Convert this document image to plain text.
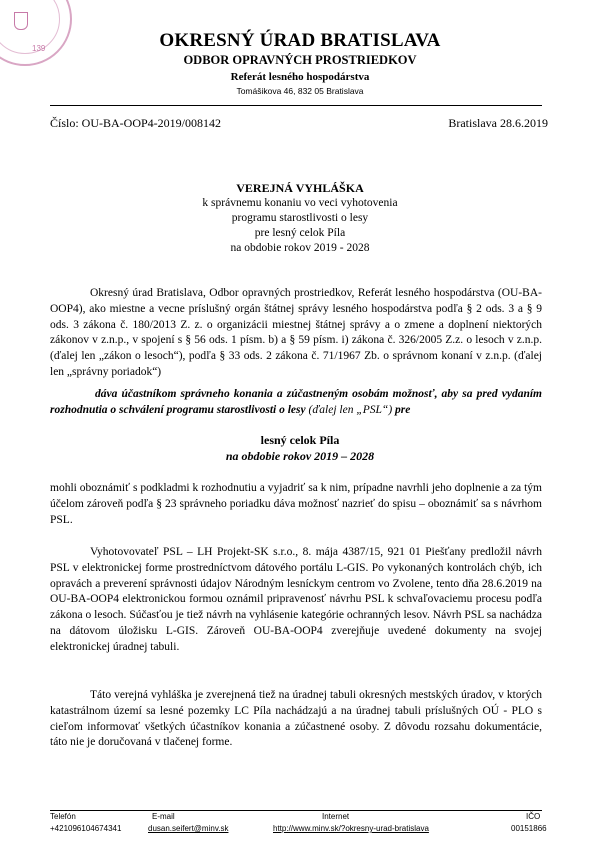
139	OKRESNÝ ÚRAD BRATISLAVA
ODBOR OPRAVNÝCH PROSTRIEDKOV
Referát lesného hospodárstva
Tomášikova 46, 832 05 Bratislava
Číslo: OU-BA-OOP4-2019/008142	Bratislava 28.6.2019
VEREJNÁ VYHLÁŠKA
k správnemu konaniu vo veci vyhotovenia
programu starostlivosti o lesy
pre lesný celok Píla
na obdobie rokov 2019 - 2028
Okresný úrad Bratislava, Odbor opravných prostriedkov, Referát lesného hospodárstva (OU-BA-OOP4), ako miestne a vecne príslušný orgán štátnej správy lesného hospodárstva podľa § 2 ods. 3 a § 9 ods. 3 zákona č. 180/2013 Z. z. o organizácii miestnej štátnej správy a o zmene a doplnení niektorých zákonov v z.n.p., v spojení s § 56 ods. 1 písm. b) a § 59 písm. i) zákona č. 326/2005 Z.z. o lesoch v z.n.p. (ďalej len „zákon o lesoch“), podľa § 33 ods. 2 zákona č. 71/1967 Zb. o správnom konaní v z.n.p. (ďalej len „správny poriadok“)
dáva účastníkom správneho konania a zúčastneným osobám možnosť, aby sa pred vydaním rozhodnutia o schválení programu starostlivosti o lesy (ďalej len „PSL“) pre
lesný celok Píla
na obdobie rokov 2019 – 2028
mohli oboznámiť s podkladmi k rozhodnutiu a vyjadriť sa k nim, prípadne navrhli jeho doplnenie a za tým účelom zároveň podľa § 23 správneho poriadku dáva možnosť nazrieť do spisu – oboznámiť sa s návrhom PSL.
Vyhotovovateľ PSL – LH Projekt-SK s.r.o., 8. mája 4387/15, 921 01 Piešťany predložil návrh PSL v elektronickej forme prostredníctvom dátového portálu L-GIS. Po vykonaných kontrolách chýb, ich opravách a preverení správnosti údajov Národným lesníckym centrom vo Zvolene, tento dňa 28.6.2019 na OU-BA-OOP4 elektronickou formou oznámil pripravenosť návrhu PSL k schvaľovaciemu procesu podľa zákona o lesoch. Súčasťou je tiež návrh na vyhlásenie kategórie ochranných lesov. Návrh PSL sa nachádza na dátovom úložisku L-GIS. Zároveň OU-BA-OOP4 zverejňuje uvedené dokumenty na svojej elektronickej úradnej tabuli.
Táto verejná vyhláška je zverejnená tiež na úradnej tabuli okresných mestských úradov, v ktorých katastrálnom území sa lesné pozemky LC Píla nachádzajú a na úradnej tabuli príslušných OÚ - PLO s cieľom informovať všetkých účastníkov konania a zúčastnené osoby. Z dôvodu rozsahu dokumentácie, táto nie je doručovaná v tlačenej forme.
Telefón
+421096104674341
E-mail
dusan.seifert@minv.sk
Internet
http://www.minv.sk/?okresny-urad-bratislava
IČO
00151866
